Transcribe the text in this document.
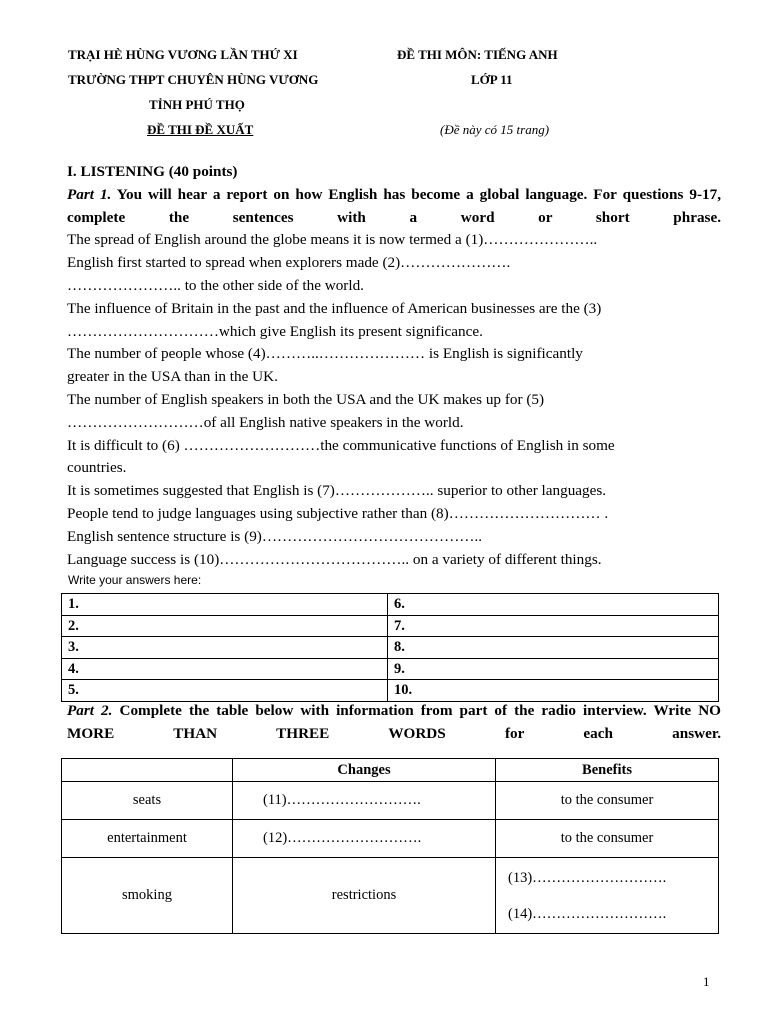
TRẠI HÈ HÙNG VƯƠNG LẦN THỨ XI
TRƯỜNG THPT CHUYÊN HÙNG VƯƠNG
TỈNH PHÚ THỌ
ĐỀ THI ĐỀ XUẤT
ĐỀ THI MÔN: TIẾNG ANH
LỚP 11
(Đề này có 15 trang)
I. LISTENING (40 points)
Part 1. You will hear a report on how English has become a global language. For questions 9-17, complete the sentences with a word or short phrase.
The spread of English around the globe means it is now termed a (1)…………………..
English first started to spread when explorers made (2)………………….
………………….. to the other side of the world.
The influence of Britain in the past and the influence of American businesses are the (3)
…………………………which give English its present significance.
The number of people whose (4)………..………………… is English is significantly
greater in the USA than in the UK.
The number of English speakers in both the USA and the UK makes up for (5)
………………………of all English native speakers in the world.
It is difficult to (6) ………………………the communicative functions of English in some
countries.
It is sometimes suggested that English is (7)……………….. superior to other languages.
People tend to judge languages using subjective rather than (8)………………………… .
English sentence structure is (9)……………………………………..
Language success is (10)……………………………….. on a variety of different things.
Write your answers here:
1.	6.
2.	7.
3.	8.
4.	9.
5.	10.
Part 2. Complete the table below with information from part of the radio interview. Write NO MORE THAN THREE WORDS for each answer.
	Changes	Benefits
seats	(11)……………………….	to the consumer
entertainment	(12)……………………….	to the consumer
smoking	restrictions	(13)……………………….
(14)……………………….
1
